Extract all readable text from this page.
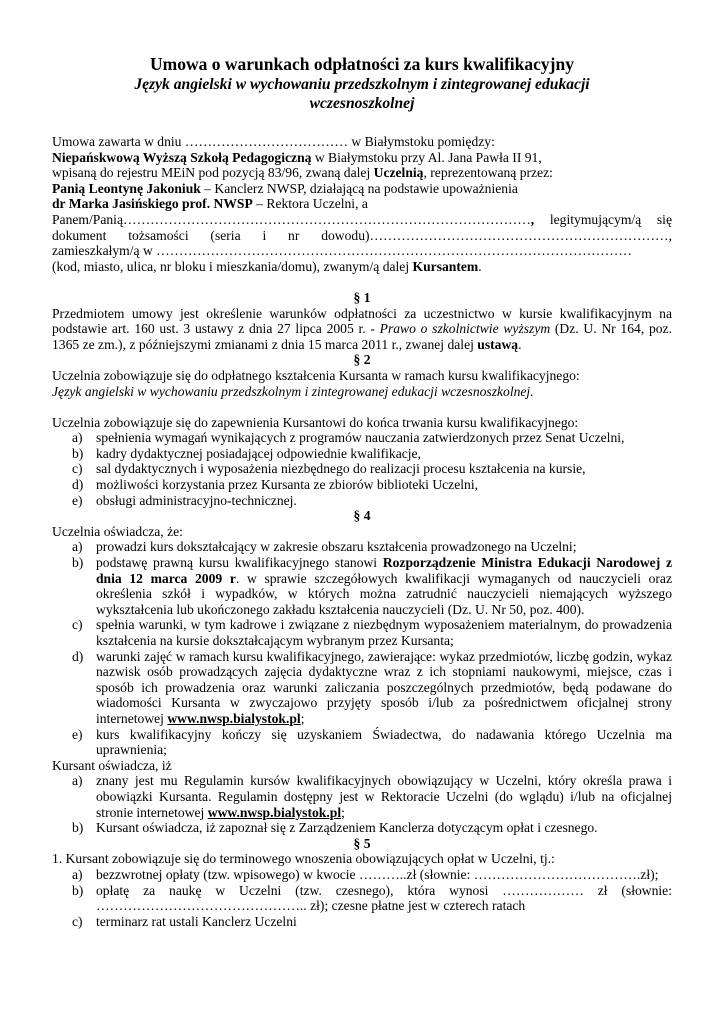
Umowa o warunkach odpłatności za kurs kwalifikacyjny
Język angielski w wychowaniu przedszkolnym i zintegrowanej edukacji
wczesnoszkolnej

Umowa zawarta w dniu ……………………………… w Białymstoku pomiędzy:

Niepańskwową Wyższą Szkołą Pedagogiczną w Białymstoku przy Al. Jana Pawła II 91,

wpisaną do rejestru MEiN pod pozycją 83/96, zwaną dalej Uczelnią, reprezentowaną przez:

Panią Leontynę Jakoniuk – Kanclerz NWSP, działającą na podstawie upoważnienia

dr Marka Jasińskiego prof. NWSP – Rektora Uczelni, a

Panem/Panią………………………………………………………………………………, legitymującym/ą się

dokument tożsamości (seria i nr dowodu)…………………………………………………………,

zamieszkałym/ą w ……………………………………………………………………………………………

(kod, miasto, ulica, nr bloku i mieszkania/domu), zwanym/ą dalej Kursantem.

§ 1

Przedmiotem umowy jest określenie warunków odpłatności za uczestnictwo w kursie kwalifikacyjnym na podstawie art. 160 ust. 3 ustawy z dnia 27 lipca 2005 r. - Prawo o szkolnictwie wyższym (Dz. U. Nr 164, poz. 1365 ze zm.), z późniejszymi zmianami z dnia 15 marca 2011 r., zwanej dalej ustawą.

§ 2

Uczelnia zobowiązuje się do odpłatnego kształcenia Kursanta w ramach kursu kwalifikacyjnego:

Język angielski w wychowaniu przedszkolnym i zintegrowanej edukacji wczesnoszkolnej.

Uczelnia zobowiązuje się do zapewnienia Kursantowi do końca trwania kursu kwalifikacyjnego:

a) spełnienia wymagań wynikających z programów nauczania zatwierdzonych przez Senat Uczelni,
b) kadry dydaktycznej posiadającej odpowiednie kwalifikacje,
c) sal dydaktycznych i wyposażenia niezbędnego do realizacji procesu kształcenia na kursie,
d) możliwości korzystania przez Kursanta ze zbiorów biblioteki Uczelni,
e) obsługi administracyjno-technicznej.

§ 4

Uczelnia oświadcza, że:

a) prowadzi kurs dokształcający w zakresie obszaru kształcenia prowadzonego na Uczelni;
b) podstawę prawną kursu kwalifikacyjnego stanowi Rozporządzenie Ministra Edukacji Narodowej z dnia 12 marca 2009 r. w sprawie szczegółowych kwalifikacji wymaganych od nauczycieli oraz określenia szkół i wypadków, w których można zatrudnić nauczycieli niemających wyższego wykształcenia lub ukończonego zakładu kształcenia nauczycieli (Dz. U. Nr 50, poz. 400).
c) spełnia warunki, w tym kadrowe i związane z niezbędnym wyposażeniem materialnym, do prowadzenia kształcenia na kursie dokształcającym wybranym przez Kursanta;
d) warunki zajęć w ramach kursu kwalifikacyjnego, zawierające: wykaz przedmiotów, liczbę godzin, wykaz nazwisk osób prowadzących zajęcia dydaktyczne wraz z ich stopniami naukowymi, miejsce, czas i sposób ich prowadzenia oraz warunki zaliczania poszczególnych przedmiotów, będą podawane do wiadomości Kursanta w zwyczajowo przyjęty sposób i/lub za pośrednictwem oficjalnej strony internetowej www.nwsp.bialystok.pl;
e) kurs kwalifikacyjny kończy się uzyskaniem Świadectwa, do nadawania którego Uczelnia ma uprawnienia;

Kursant oświadcza, iż

a) znany jest mu Regulamin kursów kwalifikacyjnych obowiązujący w Uczelni, który określa prawa i obowiązki Kursanta. Regulamin dostępny jest w Rektoracie Uczelni (do wglądu) i/lub na oficjalnej stronie internetowej www.nwsp.bialystok.pl;
b) Kursant oświadcza, iż zapoznał się z Zarządzeniem Kanclerza dotyczącym opłat i czesnego.

§ 5

1. Kursant zobowiązuje się do terminowego wnoszenia obowiązujących opłat w Uczelni, tj.:

a) bezzwrotnej opłaty (tzw. wpisowego) w kwocie ………..zł (słownie: ……………………………….zł);
b) opłatę za naukę w Uczelni (tzw. czesnego), która wynosi ……………… zł (słownie: ……………………………………….. zł); czesne płatne jest w czterech ratach
c) terminarz rat ustali Kanclerz Uczelni
